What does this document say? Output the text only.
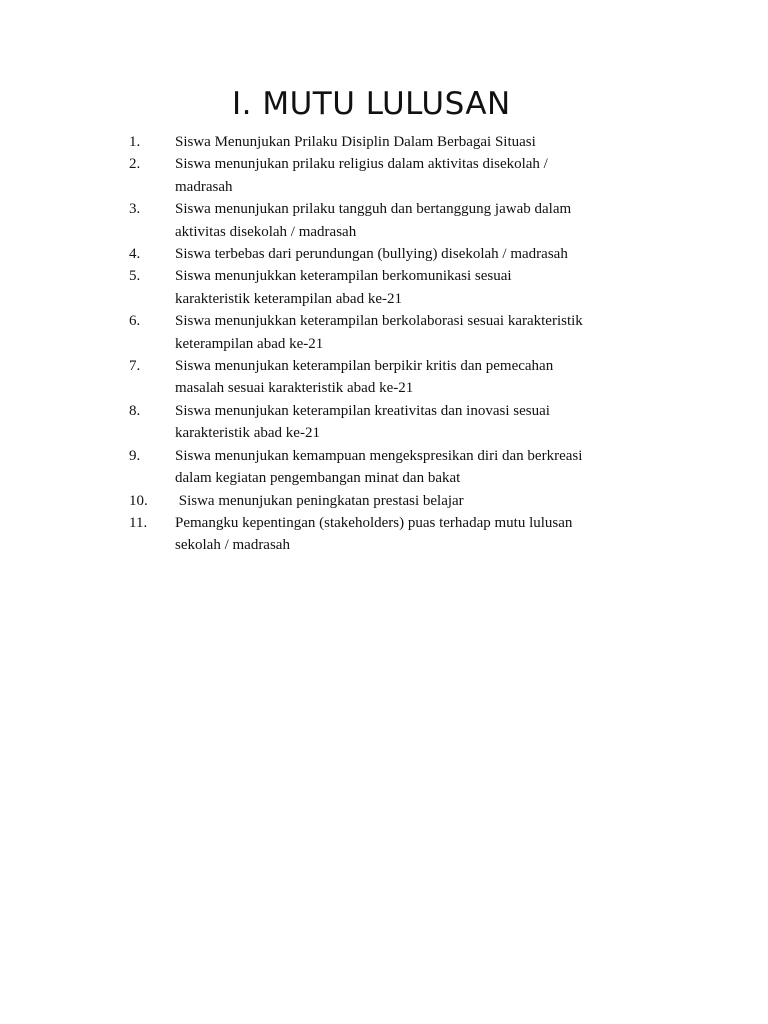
I. MUTU LULUSAN
1. Siswa Menunjukan Prilaku Disiplin Dalam Berbagai Situasi
2. Siswa menunjukan prilaku religius dalam aktivitas disekolah /
madrasah
3. Siswa menunjukan prilaku tangguh dan bertanggung jawab dalam
aktivitas disekolah / madrasah
4. Siswa terbebas dari perundungan (bullying) disekolah / madrasah
5. Siswa menunjukkan keterampilan berkomunikasi sesuai
karakteristik keterampilan abad ke-21
6. Siswa menunjukkan keterampilan berkolaborasi sesuai karakteristik
keterampilan abad ke-21
7. Siswa menunjukan keterampilan berpikir kritis dan pemecahan
masalah sesuai karakteristik abad ke-21
8. Siswa menunjukan keterampilan kreativitas dan inovasi sesuai
karakteristik abad ke-21
9. Siswa menunjukan kemampuan mengekspresikan diri dan berkreasi
dalam kegiatan pengembangan minat dan bakat
10. Siswa menunjukan peningkatan prestasi belajar
11. Pemangku kepentingan (stakeholders) puas terhadap mutu lulusan
sekolah / madrasah
